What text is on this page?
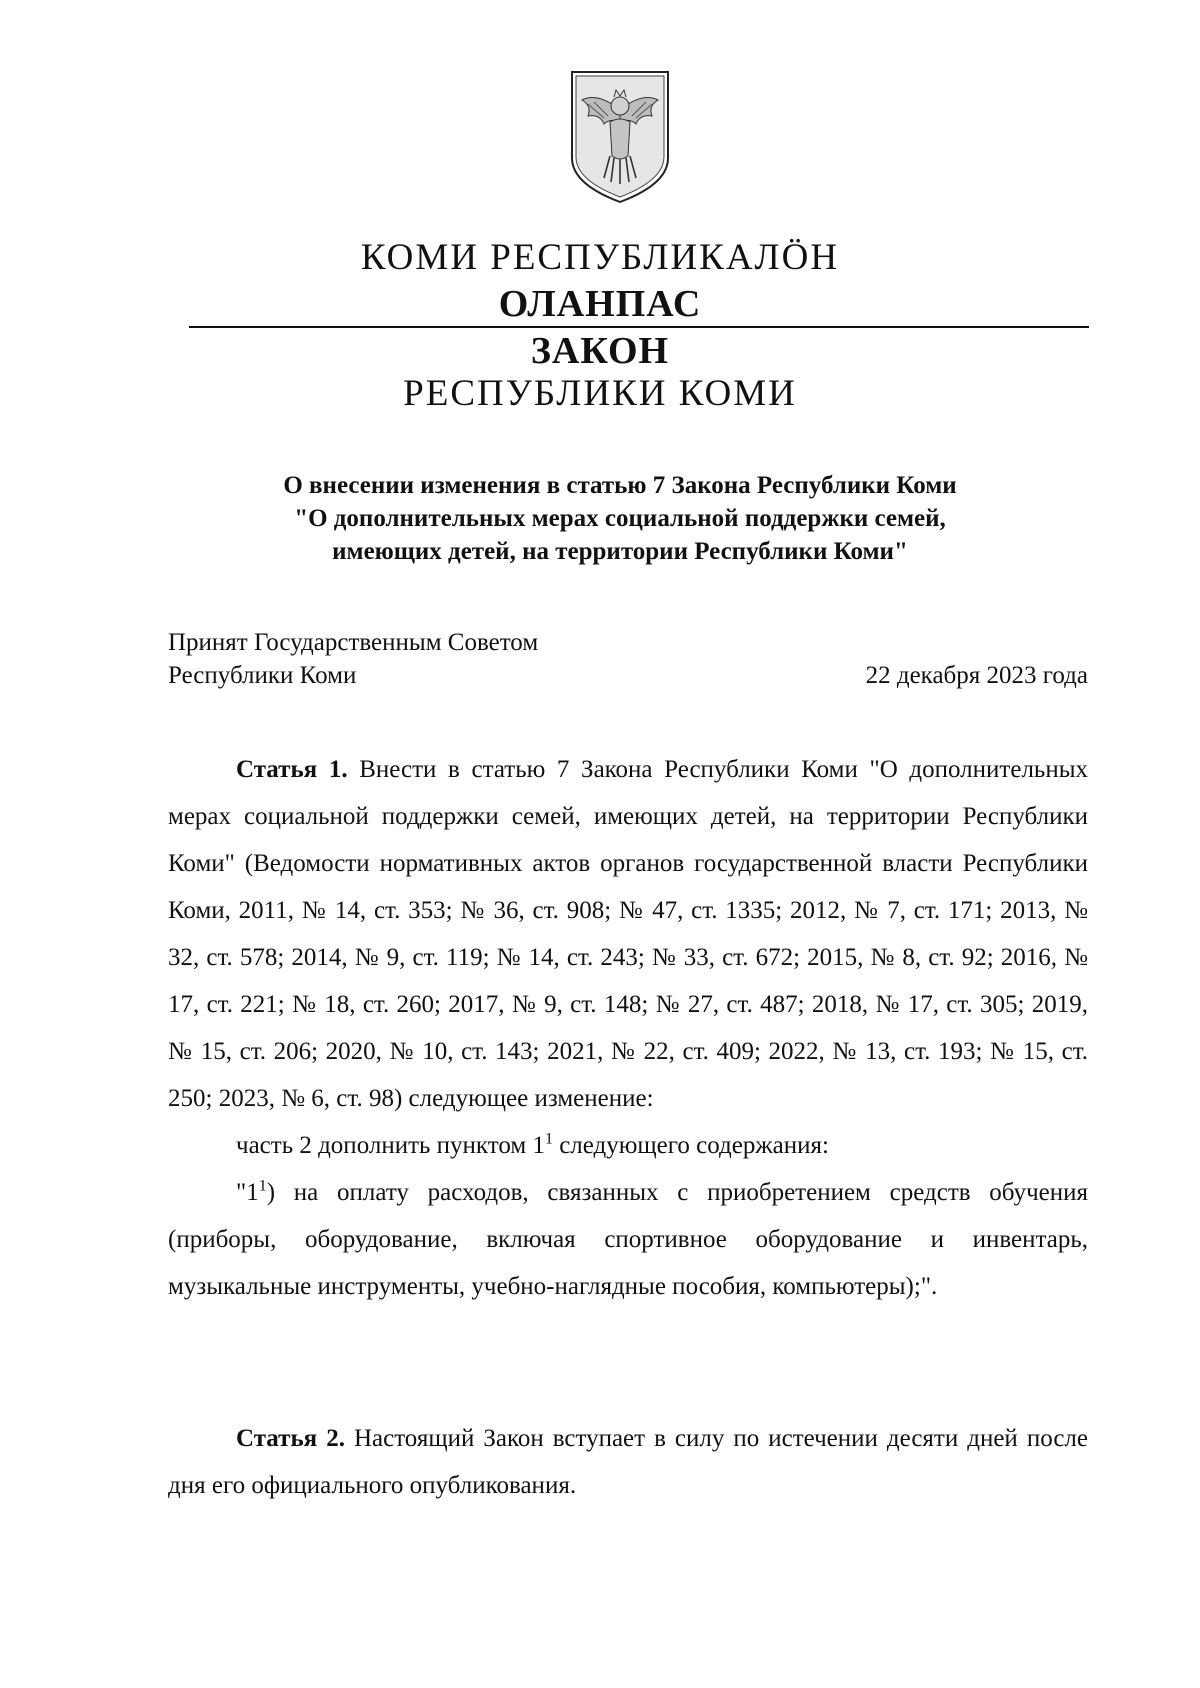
КОМИ РЕСПУБЛИКАЛӦН
ОЛАНПАС
ЗАКОН
РЕСПУБЛИКИ КОМИ
О внесении изменения в статью 7 Закона Республики Коми
"О дополнительных мерах социальной поддержки семей,
имеющих детей, на территории Республики Коми"
Принят Государственным Советом
Республики Коми	22 декабря 2023 года
Статья 1. Внести в статью 7 Закона Республики Коми "О дополнительных мерах социальной поддержки семей, имеющих детей, на территории Республики Коми" (Ведомости нормативных актов органов государственной власти Республики Коми, 2011, № 14, ст. 353; № 36, ст. 908; № 47, ст. 1335; 2012, № 7, ст. 171; 2013, № 32, ст. 578; 2014, № 9, ст. 119; № 14, ст. 243; № 33, ст. 672; 2015, № 8, ст. 92; 2016, № 17, ст. 221; № 18, ст. 260; 2017, № 9, ст. 148; № 27, ст. 487; 2018, № 17, ст. 305; 2019, № 15, ст. 206; 2020, № 10, ст. 143; 2021, № 22, ст. 409; 2022, № 13, ст. 193; № 15, ст. 250; 2023, № 6, ст. 98) следующее изменение:
часть 2 дополнить пунктом $1^1$ следующего содержания:
"$1^1$) на оплату расходов, связанных с приобретением средств обучения (приборы, оборудование, включая спортивное оборудование и инвентарь, музыкальные инструменты, учебно-наглядные пособия, компьютеры);".
Статья 2. Настоящий Закон вступает в силу по истечении десяти дней после дня его официального опубликования.
